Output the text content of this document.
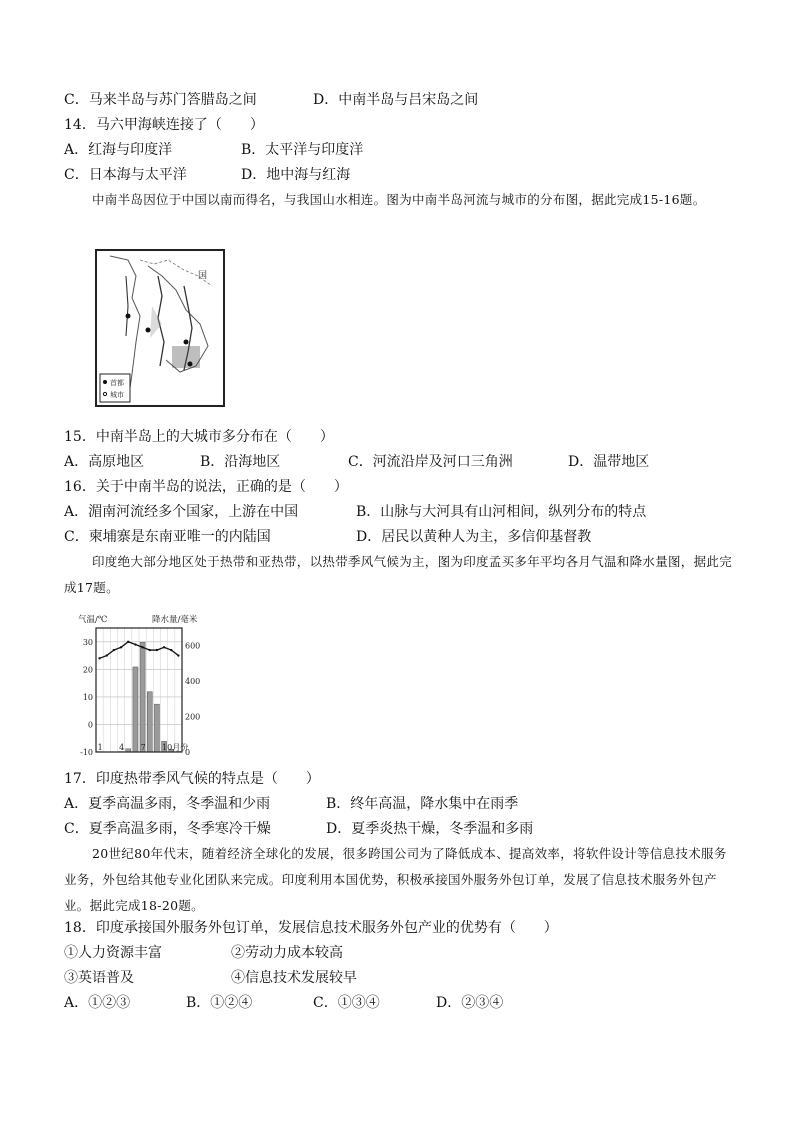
C．马来半岛与苏门答腊岛之间	D．中南半岛与吕宋岛之间
14．马六甲海峡连接了（　　）
A．红海与印度洋	B．太平洋与印度洋
C．日本海与太平洋	D．地中海与红海
中南半岛因位于中国以南而得名，与我国山水相连。图为中南半岛河流与城市的分布图，据此完成15-16题。
国
首都
城市
15．中南半岛上的大城市多分布在（　　）
A．高原地区	B．沿海地区	C．河流沿岸及河口三角洲	D．温带地区
16．关于中南半岛的说法，正确的是（　　）
A．湄南河流经多个国家，上游在中国	B．山脉与大河具有山河相间，纵列分布的特点
C．柬埔寨是东南亚唯一的内陆国	D．居民以黄种人为主，多信仰基督教
印度绝大部分地区处于热带和亚热带，以热带季风气候为主，图为印度孟买多年平均各月气温和降水量图，据此完成17题。
气温/℃	降水量/毫米
30
20
10
0
-10
600
400
200
0
1 4 7 10月份
17．印度热带季风气候的特点是（　　）
A．夏季高温多雨，冬季温和少雨	B．终年高温，降水集中在雨季
C．夏季高温多雨，冬季寒冷干燥	D．夏季炎热干燥，冬季温和多雨
20世纪80年代末，随着经济全球化的发展，很多跨国公司为了降低成本、提高效率，将软件设计等信息技术服务业务，外包给其他专业化团队来完成。印度利用本国优势，积极承接国外服务外包订单，发展了信息技术服务外包产业。据此完成18-20题。
18．印度承接国外服务外包订单，发展信息技术服务外包产业的优势有（　　）
①人力资源丰富	②劳动力成本较高
③英语普及	④信息技术发展较早
A．①②③	B．①②④	C．①③④	D．②③④
